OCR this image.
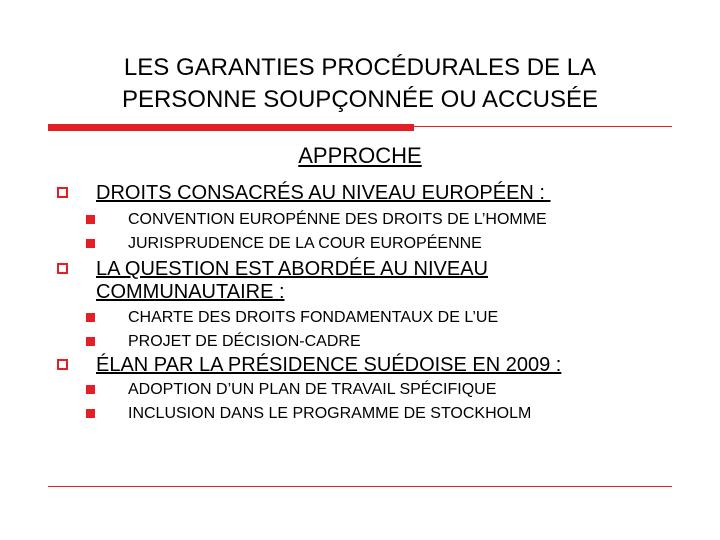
LES GARANTIES PROCÉDURALES DE LA
PERSONNE SOUPÇONNÉE OU ACCUSÉE
APPROCHE
DROITS CONSACRÉS AU NIVEAU EUROPÉEN :
CONVENTION EUROPÉNNE DES DROITS DE L’HOMME
JURISPRUDENCE DE LA COUR EUROPÉENNE
LA QUESTION EST ABORDÉE AU NIVEAU
COMMUNAUTAIRE :
CHARTE DES DROITS FONDAMENTAUX DE L’UE
PROJET DE DÉCISION-CADRE
ÉLAN PAR LA PRÉSIDENCE SUÉDOISE EN 2009 :
ADOPTION D’UN PLAN DE TRAVAIL SPÉCIFIQUE
INCLUSION DANS LE PROGRAMME DE STOCKHOLM
